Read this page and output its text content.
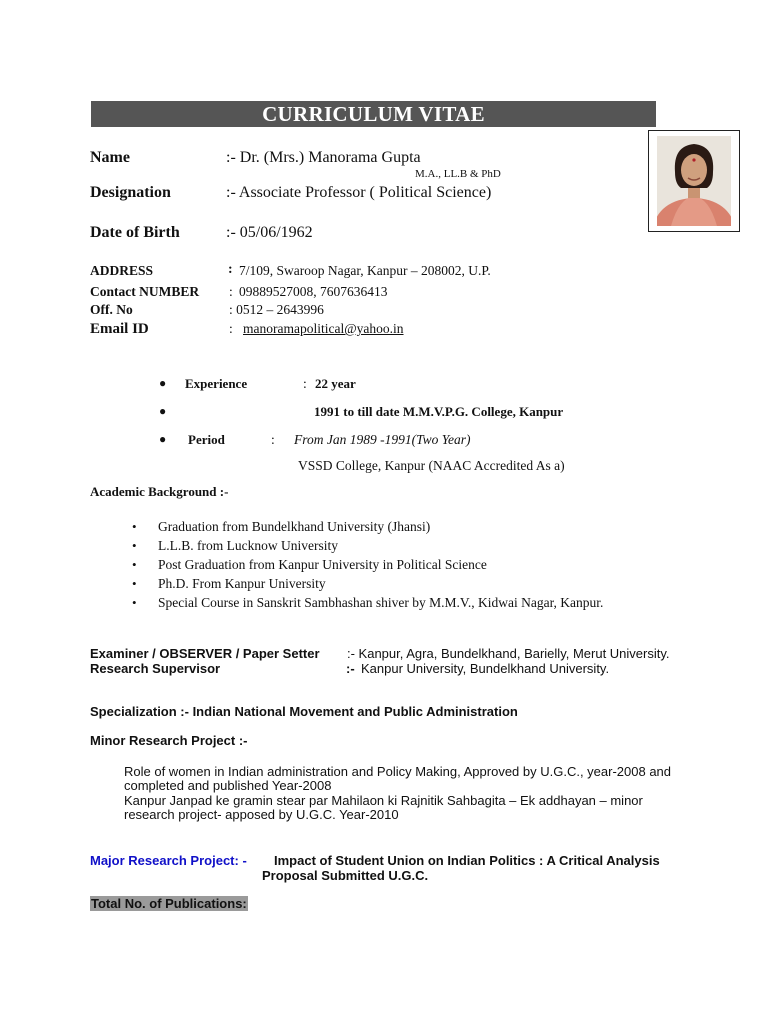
CURRICULUM VITAE
Name	:- Dr. (Mrs.) Manorama Gupta
M.A., LL.B & PhD
Designation	:- Associate Professor ( Political Science)
Date of Birth	:- 05/06/1962
ADDRESS	: 7/109, Swaroop Nagar, Kanpur – 208002, U.P.
Contact NUMBER : 09889527008, 7607636413
Off. No	: 0512 – 2643996
Email ID	: manoramapolitical@yahoo.in
● Experience	: 22 year
●	1991 to till date M.M.V.P.G. College, Kanpur
● Period	: From Jan 1989 -1991(Two Year)
VSSD College, Kanpur (NAAC Accredited As a)
Academic Background :-
• Graduation from Bundelkhand University (Jhansi)
• L.L.B. from Lucknow University
• Post Graduation from Kanpur University in Political Science
• Ph.D. From Kanpur University
• Special Course in Sanskrit Sambhashan shiver by M.M.V., Kidwai Nagar, Kanpur.
Examiner / OBSERVER / Paper Setter :- Kanpur, Agra, Bundelkhand, Barielly, Merut University.
Research Supervisor	:- Kanpur University, Bundelkhand University.
Specialization :- Indian National Movement and Public Administration
Minor Research Project :-
Role of women in Indian administration and Policy Making, Approved by U.G.C., year-2008 and
completed and published Year-2008
Kanpur Janpad ke gramin stear par Mahilaon ki Rajnitik Sahbagita – Ek addhayan – minor
research project- apposed by U.G.C. Year-2010
Major Research Project: - Impact of Student Union on Indian Politics : A Critical Analysis
Proposal Submitted U.G.C.
Total No. of Publications:
